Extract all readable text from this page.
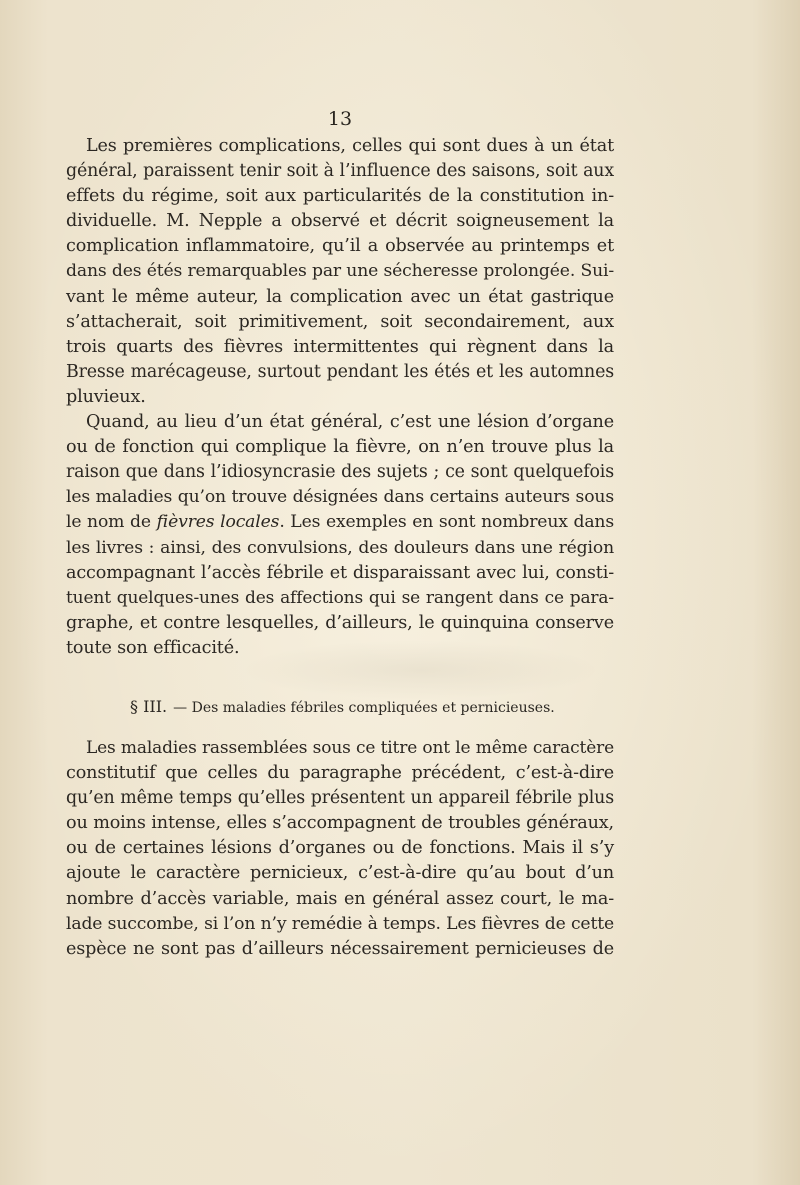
13
Les premières complications, celles qui sont dues à un état
général, paraissent tenir soit à l’influence des saisons, soit aux
effets du régime, soit aux particularités de la constitution in-
dividuelle. M. Nepple a observé et décrit soigneusement la
complication inflammatoire, qu’il a observée au printemps et
dans des étés remarquables par une sécheresse prolongée. Sui-
vant le même auteur, la complication avec un état gastrique
s’attacherait, soit primitivement, soit secondairement, aux
trois quarts des fièvres intermittentes qui règnent dans la
Bresse marécageuse, surtout pendant les étés et les automnes
pluvieux.
Quand, au lieu d’un état général, c’est une lésion d’organe
ou de fonction qui complique la fièvre, on n’en trouve plus la
raison que dans l’idiosyncrasie des sujets ; ce sont quelquefois
les maladies qu’on trouve désignées dans certains auteurs sous
le nom de fièvres locales. Les exemples en sont nombreux dans
les livres : ainsi, des convulsions, des douleurs dans une région
accompagnant l’accès fébrile et disparaissant avec lui, consti-
tuent quelques-unes des affections qui se rangent dans ce para-
graphe, et contre lesquelles, d’ailleurs, le quinquina conserve
toute son efficacité.
§ III. — Des maladies fébriles compliquées et pernicieuses.
Les maladies rassemblées sous ce titre ont le même caractère
constitutif que celles du paragraphe précédent, c’est-à-dire
qu’en même temps qu’elles présentent un appareil fébrile plus
ou moins intense, elles s’accompagnent de troubles généraux,
ou de certaines lésions d’organes ou de fonctions. Mais il s’y
ajoute le caractère pernicieux, c’est-à-dire qu’au bout d’un
nombre d’accès variable, mais en général assez court, le ma-
lade succombe, si l’on n’y remédie à temps. Les fièvres de cette
espèce ne sont pas d’ailleurs nécessairement pernicieuses de
